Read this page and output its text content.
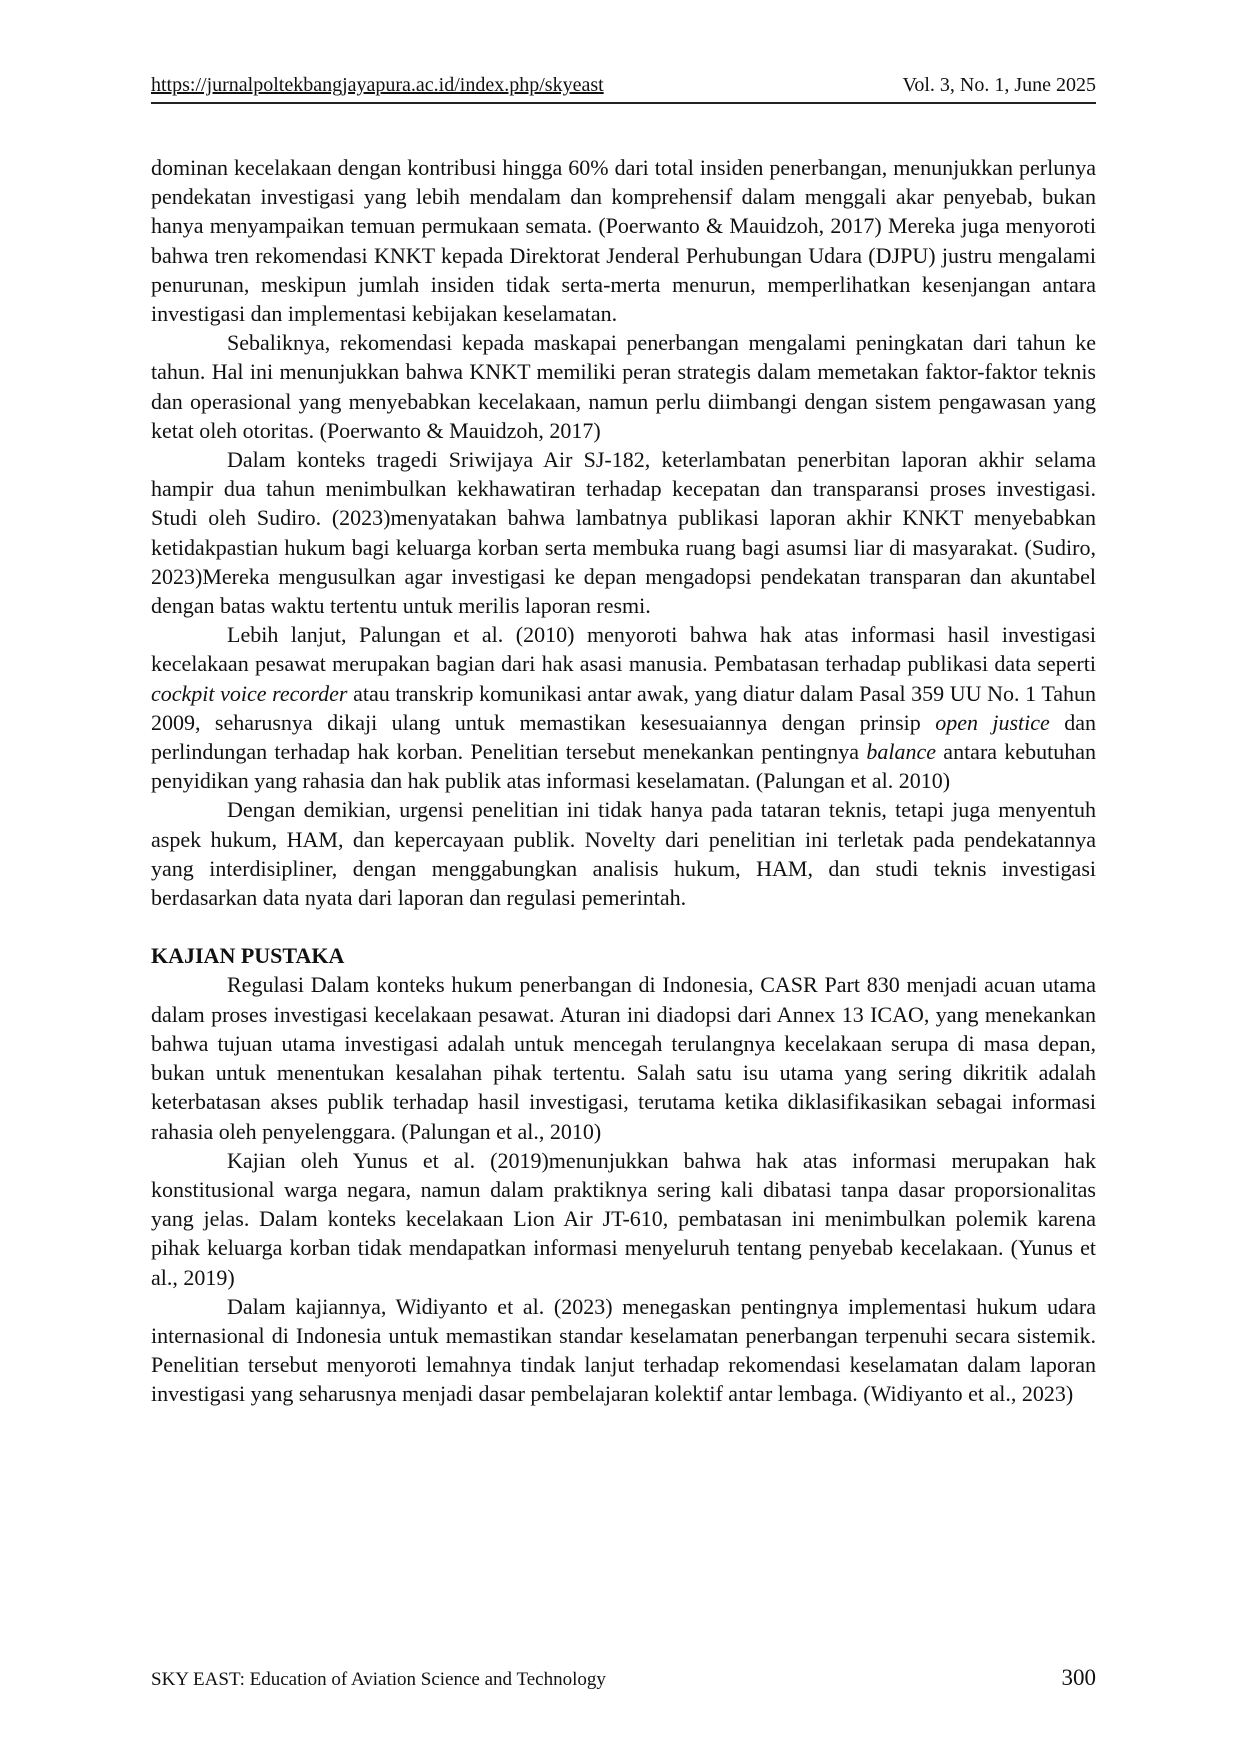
https://jurnalpoltekbangjayapura.ac.id/index.php/skyeast	Vol. 3, No. 1, June 2025

dominan kecelakaan dengan kontribusi hingga 60% dari total insiden penerbangan, menunjukkan perlunya pendekatan investigasi yang lebih mendalam dan komprehensif dalam menggali akar penyebab, bukan hanya menyampaikan temuan permukaan semata. (Poerwanto & Mauidzoh, 2017) Mereka juga menyoroti bahwa tren rekomendasi KNKT kepada Direktorat Jenderal Perhubungan Udara (DJPU) justru mengalami penurunan, meskipun jumlah insiden tidak serta-merta menurun, memperlihatkan kesenjangan antara investigasi dan implementasi kebijakan keselamatan.

Sebaliknya, rekomendasi kepada maskapai penerbangan mengalami peningkatan dari tahun ke tahun. Hal ini menunjukkan bahwa KNKT memiliki peran strategis dalam memetakan faktor-faktor teknis dan operasional yang menyebabkan kecelakaan, namun perlu diimbangi dengan sistem pengawasan yang ketat oleh otoritas. (Poerwanto & Mauidzoh, 2017)

Dalam konteks tragedi Sriwijaya Air SJ-182, keterlambatan penerbitan laporan akhir selama hampir dua tahun menimbulkan kekhawatiran terhadap kecepatan dan transparansi proses investigasi. Studi oleh Sudiro. (2023)menyatakan bahwa lambatnya publikasi laporan akhir KNKT menyebabkan ketidakpastian hukum bagi keluarga korban serta membuka ruang bagi asumsi liar di masyarakat. (Sudiro, 2023)Mereka mengusulkan agar investigasi ke depan mengadopsi pendekatan transparan dan akuntabel dengan batas waktu tertentu untuk merilis laporan resmi.

Lebih lanjut, Palungan et al. (2010) menyoroti bahwa hak atas informasi hasil investigasi kecelakaan pesawat merupakan bagian dari hak asasi manusia. Pembatasan terhadap publikasi data seperti cockpit voice recorder atau transkrip komunikasi antar awak, yang diatur dalam Pasal 359 UU No. 1 Tahun 2009, seharusnya dikaji ulang untuk memastikan kesesuaiannya dengan prinsip open justice dan perlindungan terhadap hak korban. Penelitian tersebut menekankan pentingnya balance antara kebutuhan penyidikan yang rahasia dan hak publik atas informasi keselamatan. (Palungan et al. 2010)

Dengan demikian, urgensi penelitian ini tidak hanya pada tataran teknis, tetapi juga menyentuh aspek hukum, HAM, dan kepercayaan publik. Novelty dari penelitian ini terletak pada pendekatannya yang interdisipliner, dengan menggabungkan analisis hukum, HAM, dan studi teknis investigasi berdasarkan data nyata dari laporan dan regulasi pemerintah.

KAJIAN PUSTAKA

Regulasi Dalam konteks hukum penerbangan di Indonesia, CASR Part 830 menjadi acuan utama dalam proses investigasi kecelakaan pesawat. Aturan ini diadopsi dari Annex 13 ICAO, yang menekankan bahwa tujuan utama investigasi adalah untuk mencegah terulangnya kecelakaan serupa di masa depan, bukan untuk menentukan kesalahan pihak tertentu. Salah satu isu utama yang sering dikritik adalah keterbatasan akses publik terhadap hasil investigasi, terutama ketika diklasifikasikan sebagai informasi rahasia oleh penyelenggara. (Palungan et al., 2010)

Kajian oleh Yunus et al. (2019)menunjukkan bahwa hak atas informasi merupakan hak konstitusional warga negara, namun dalam praktiknya sering kali dibatasi tanpa dasar proporsionalitas yang jelas. Dalam konteks kecelakaan Lion Air JT-610, pembatasan ini menimbulkan polemik karena pihak keluarga korban tidak mendapatkan informasi menyeluruh tentang penyebab kecelakaan. (Yunus et al., 2019)

Dalam kajiannya, Widiyanto et al. (2023) menegaskan pentingnya implementasi hukum udara internasional di Indonesia untuk memastikan standar keselamatan penerbangan terpenuhi secara sistemik. Penelitian tersebut menyoroti lemahnya tindak lanjut terhadap rekomendasi keselamatan dalam laporan investigasi yang seharusnya menjadi dasar pembelajaran kolektif antar lembaga. (Widiyanto et al., 2023)

SKY EAST: Education of Aviation Science and Technology	300
